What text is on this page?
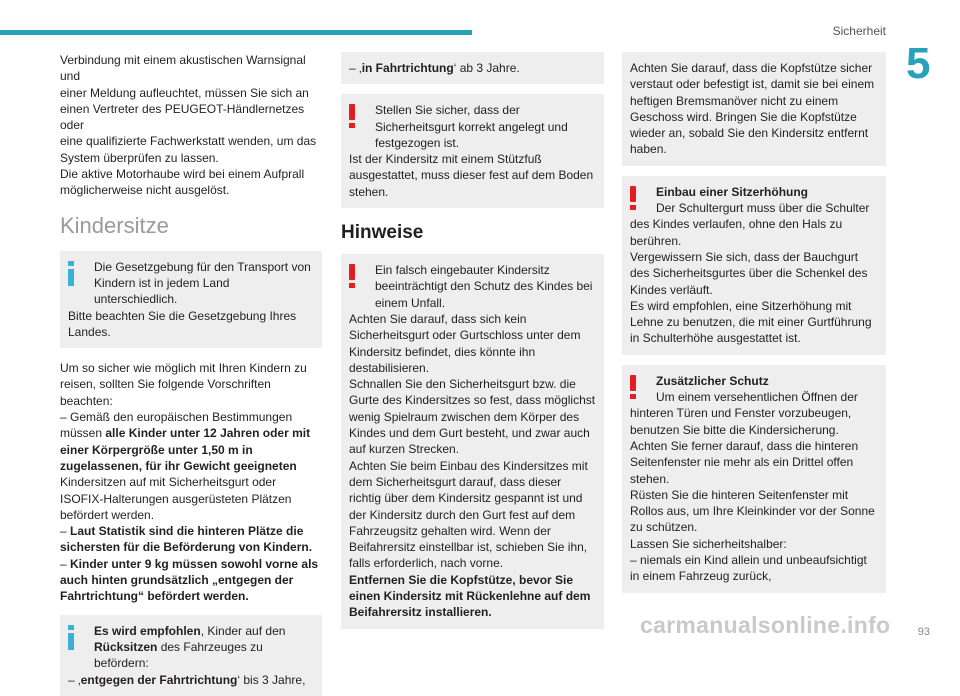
Sicherheit
5

Verbindung mit einem akustischen Warnsignal und

einer Meldung aufleuchtet, müssen Sie sich an

einen Vertreter des PEUGEOT-Händlernetzes oder

eine qualifizierte Fachwerkstatt wenden, um das

System überprüfen zu lassen.

Die aktive Motorhaube wird bei einem Aufprall

möglicherweise nicht ausgelöst.

Kindersitze

Die Gesetzgebung für den Transport von Kindern ist in jedem Land unterschiedlich.

Bitte beachten Sie die Gesetzgebung Ihres Landes.

Um so sicher wie möglich mit Ihren Kindern zu reisen, sollten Sie folgende Vorschriften beachten:

– Gemäß den europäischen Bestimmungen müssen alle Kinder unter 12 Jahren oder mit einer Körpergröße unter 1,50 m in zugelassenen, für ihr Gewicht geeigneten Kindersitzen auf mit Sicherheitsgurt oder ISOFIX-Halterungen ausgerüsteten Plätzen befördert werden.

– Laut Statistik sind die hinteren Plätze die sichersten für die Beförderung von Kindern.

– Kinder unter 9 kg müssen sowohl vorne als auch hinten grundsätzlich „entgegen der Fahrtrichtung“ befördert werden.

Es wird empfohlen, Kinder auf den

Rücksitzen des Fahrzeuges zu befördern:

– ‚entgegen der Fahrtrichtung‘ bis 3 Jahre,

– ‚in Fahrtrichtung‘ ab 3 Jahre.

Stellen Sie sicher, dass der Sicherheitsgurt korrekt angelegt und festgezogen ist.

Ist der Kindersitz mit einem Stützfuß ausgestattet, muss dieser fest auf dem Boden stehen.

Hinweise

Ein falsch eingebauter Kindersitz beeinträchtigt den Schutz des Kindes bei einem Unfall.

Achten Sie darauf, dass sich kein Sicherheitsgurt oder Gurtschloss unter dem Kindersitz befindet, dies könnte ihn destabilisieren.

Schnallen Sie den Sicherheitsgurt bzw. die Gurte des Kindersitzes so fest, dass möglichst wenig Spielraum zwischen dem Körper des Kindes und dem Gurt besteht, und zwar auch auf kurzen Strecken.

Achten Sie beim Einbau des Kindersitzes mit dem Sicherheitsgurt darauf, dass dieser richtig über dem Kindersitz gespannt ist und der Kindersitz durch den Gurt fest auf dem Fahrzeugsitz gehalten wird. Wenn der Beifahrersitz einstellbar ist, schieben Sie ihn, falls erforderlich, nach vorne.

Entfernen Sie die Kopfstütze, bevor Sie einen Kindersitz mit Rückenlehne auf dem Beifahrersitz installieren.

Achten Sie darauf, dass die Kopfstütze sicher verstaut oder befestigt ist, damit sie bei einem heftigen Bremsmanöver nicht zu einem Geschoss wird. Bringen Sie die Kopfstütze wieder an, sobald Sie den Kindersitz entfernt haben.

Einbau einer Sitzerhöhung

Der Schultergurt muss über die Schulter

des Kindes verlaufen, ohne den Hals zu berühren.

Vergewissern Sie sich, dass der Bauchgurt des Sicherheitsgurtes über die Schenkel des Kindes verläuft.

Es wird empfohlen, eine Sitzerhöhung mit Lehne zu benutzen, die mit einer Gurtführung in Schulterhöhe ausgestattet ist.

Zusätzlicher Schutz

Um einem versehentlichen Öffnen der

hinteren Türen und Fenster vorzubeugen, benutzen Sie bitte die Kindersicherung.

Achten Sie ferner darauf, dass die hinteren Seitenfenster nie mehr als ein Drittel offen stehen.

Rüsten Sie die hinteren Seitenfenster mit Rollos aus, um Ihre Kleinkinder vor der Sonne zu schützen.

Lassen Sie sicherheitshalber:

– niemals ein Kind allein und unbeaufsichtigt in einem Fahrzeug zurück,

carmanualsonline.info 93
